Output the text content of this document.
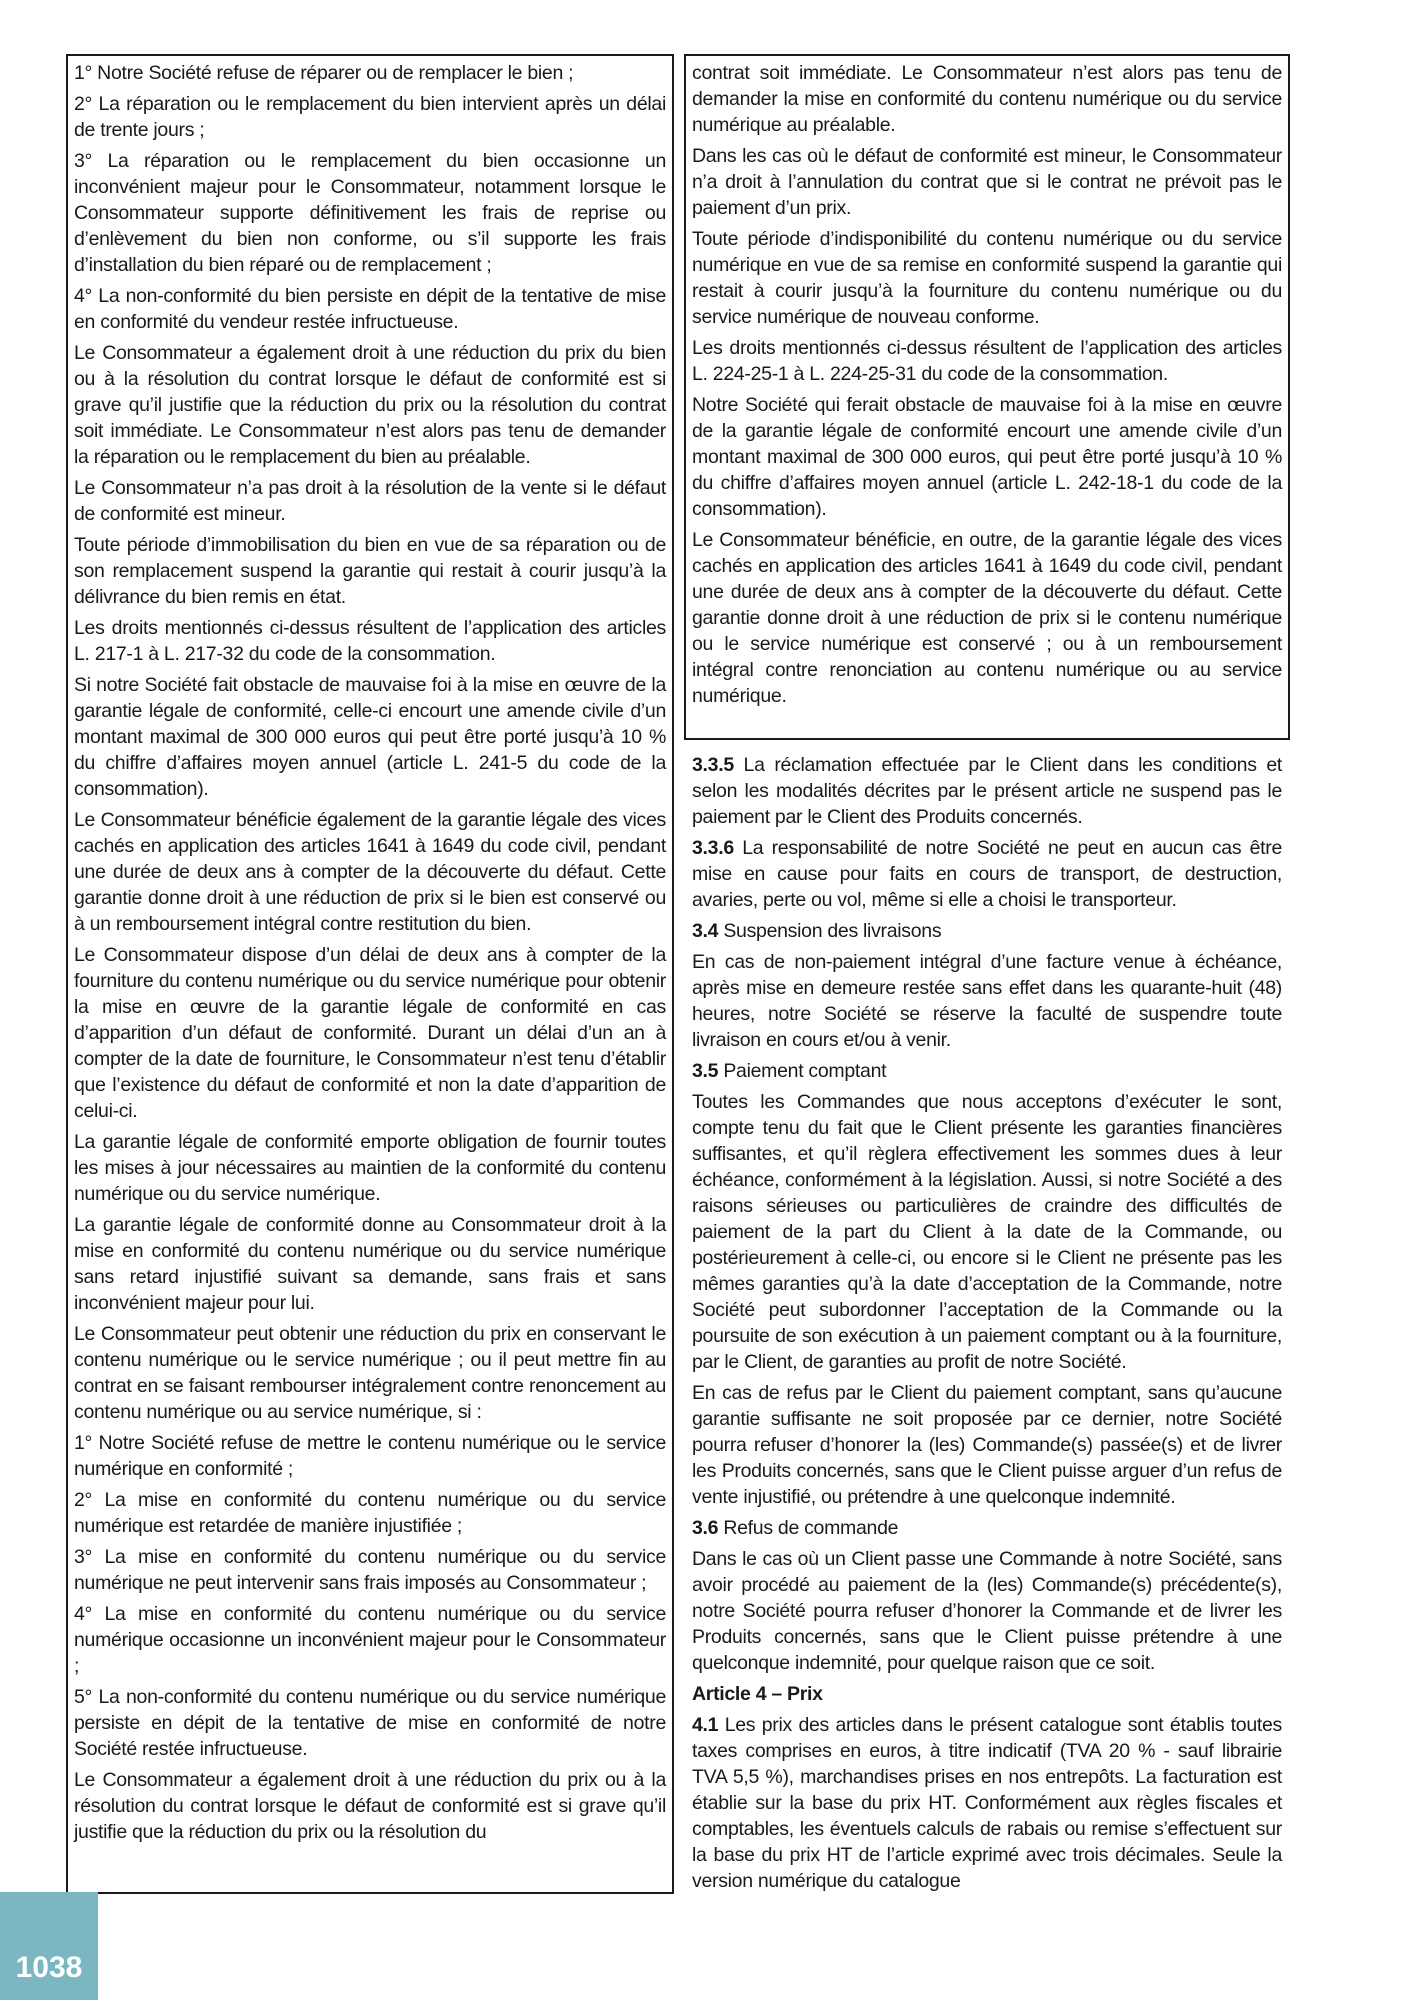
1° Notre Société refuse de réparer ou de remplacer le bien ;

2° La réparation ou le remplacement du bien intervient après un délai de trente jours ;

3° La réparation ou le remplacement du bien occasionne un inconvénient majeur pour le Consommateur, notamment lorsque le Consommateur supporte définitivement les frais de reprise ou d’enlèvement du bien non conforme, ou s’il supporte les frais d’installation du bien réparé ou de remplacement ;

4° La non-conformité du bien persiste en dépit de la tentative de mise en conformité du vendeur restée infructueuse.

Le Consommateur a également droit à une réduction du prix du bien ou à la résolution du contrat lorsque le défaut de conformité est si grave qu’il justifie que la réduction du prix ou la résolution du contrat soit immédiate. Le Consommateur n’est alors pas tenu de demander la réparation ou le remplacement du bien au préalable.

Le Consommateur n’a pas droit à la résolution de la vente si le défaut de conformité est mineur.

Toute période d’immobilisation du bien en vue de sa réparation ou de son remplacement suspend la garantie qui restait à courir jusqu’à la délivrance du bien remis en état.

Les droits mentionnés ci-dessus résultent de l’application des articles L. 217-1 à L. 217-32 du code de la consommation.

Si notre Société fait obstacle de mauvaise foi à la mise en œuvre de la garantie légale de conformité, celle-ci encourt une amende civile d’un montant maximal de 300 000 euros qui peut être porté jusqu’à 10 % du chiffre d’affaires moyen annuel (article L. 241-5 du code de la consommation).

Le Consommateur bénéficie également de la garantie légale des vices cachés en application des articles 1641 à 1649 du code civil, pendant une durée de deux ans à compter de la découverte du défaut. Cette garantie donne droit à une réduction de prix si le bien est conservé ou à un remboursement intégral contre restitution du bien.

Le Consommateur dispose d’un délai de deux ans à compter de la fourniture du contenu numérique ou du service numérique pour obtenir la mise en œuvre de la garantie légale de conformité en cas d’apparition d’un défaut de conformité. Durant un délai d’un an à compter de la date de fourniture, le Consommateur n’est tenu d’établir que l’existence du défaut de conformité et non la date d’apparition de celui-ci.

La garantie légale de conformité emporte obligation de fournir toutes les mises à jour nécessaires au maintien de la conformité du contenu numérique ou du service numérique.

La garantie légale de conformité donne au Consommateur droit à la mise en conformité du contenu numérique ou du service numérique sans retard injustifié suivant sa demande, sans frais et sans inconvénient majeur pour lui.

Le Consommateur peut obtenir une réduction du prix en conservant le contenu numérique ou le service numérique ; ou il peut mettre fin au contrat en se faisant rembourser intégralement contre renoncement au contenu numérique ou au service numérique, si :

1° Notre Société refuse de mettre le contenu numérique ou le service numérique en conformité ;

2° La mise en conformité du contenu numérique ou du service numérique est retardée de manière injustifiée ;

3° La mise en conformité du contenu numérique ou du service numérique ne peut intervenir sans frais imposés au Consommateur ;

4° La mise en conformité du contenu numérique ou du service numérique occasionne un inconvénient majeur pour le Consommateur ;

5° La non-conformité du contenu numérique ou du service numérique persiste en dépit de la tentative de mise en conformité de notre Société restée infructueuse.

Le Consommateur a également droit à une réduction du prix ou à la résolution du contrat lorsque le défaut de conformité est si grave qu’il justifie que la réduction du prix ou la résolution du

contrat soit immédiate. Le Consommateur n’est alors pas tenu de demander la mise en conformité du contenu numérique ou du service numérique au préalable.

Dans les cas où le défaut de conformité est mineur, le Consommateur n’a droit à l’annulation du contrat que si le contrat ne prévoit pas le paiement d’un prix.

Toute période d’indisponibilité du contenu numérique ou du service numérique en vue de sa remise en conformité suspend la garantie qui restait à courir jusqu’à la fourniture du contenu numérique ou du service numérique de nouveau conforme.

Les droits mentionnés ci-dessus résultent de l’application des articles L. 224-25-1 à L. 224-25-31 du code de la consommation.

Notre Société qui ferait obstacle de mauvaise foi à la mise en œuvre de la garantie légale de conformité encourt une amende civile d’un montant maximal de 300 000 euros, qui peut être porté jusqu’à 10 % du chiffre d’affaires moyen annuel (article L. 242-18-1 du code de la consommation).

Le Consommateur bénéficie, en outre, de la garantie légale des vices cachés en application des articles 1641 à 1649 du code civil, pendant une durée de deux ans à compter de la découverte du défaut. Cette garantie donne droit à une réduction de prix si le contenu numérique ou le service numérique est conservé ; ou à un remboursement intégral contre renonciation au contenu numérique ou au service numérique.

3.3.5 La réclamation effectuée par le Client dans les conditions et selon les modalités décrites par le présent article ne suspend pas le paiement par le Client des Produits concernés.

3.3.6 La responsabilité de notre Société ne peut en aucun cas être mise en cause pour faits en cours de transport, de destruction, avaries, perte ou vol, même si elle a choisi le transporteur.

3.4 Suspension des livraisons

En cas de non-paiement intégral d’une facture venue à échéance, après mise en demeure restée sans effet dans les quarante-huit (48) heures, notre Société se réserve la faculté de suspendre toute livraison en cours et/ou à venir.

3.5 Paiement comptant

Toutes les Commandes que nous acceptons d’exécuter le sont, compte tenu du fait que le Client présente les garanties financières suffisantes, et qu’il règlera effectivement les sommes dues à leur échéance, conformément à la législation. Aussi, si notre Société a des raisons sérieuses ou particulières de craindre des difficultés de paiement de la part du Client à la date de la Commande, ou postérieurement à celle-ci, ou encore si le Client ne présente pas les mêmes garanties qu’à la date d’acceptation de la Commande, notre Société peut subordonner l’acceptation de la Commande ou la poursuite de son exécution à un paiement comptant ou à la fourniture, par le Client, de garanties au profit de notre Société.

En cas de refus par le Client du paiement comptant, sans qu’aucune garantie suffisante ne soit proposée par ce dernier, notre Société pourra refuser d’honorer la (les) Commande(s) passée(s) et de livrer les Produits concernés, sans que le Client puisse arguer d’un refus de vente injustifié, ou prétendre à une quelconque indemnité.

3.6 Refus de commande

Dans le cas où un Client passe une Commande à notre Société, sans avoir procédé au paiement de la (les) Commande(s) précédente(s), notre Société pourra refuser d’honorer la Commande et de livrer les Produits concernés, sans que le Client puisse prétendre à une quelconque indemnité, pour quelque raison que ce soit.

Article 4 – Prix

4.1 Les prix des articles dans le présent catalogue sont établis toutes taxes comprises en euros, à titre indicatif (TVA 20 % - sauf librairie TVA 5,5 %), marchandises prises en nos entrepôts. La facturation est établie sur la base du prix HT. Conformément aux règles fiscales et comptables, les éventuels calculs de rabais ou remise s’effectuent sur la base du prix HT de l’article exprimé avec trois décimales. Seule la version numérique du catalogue

1038
